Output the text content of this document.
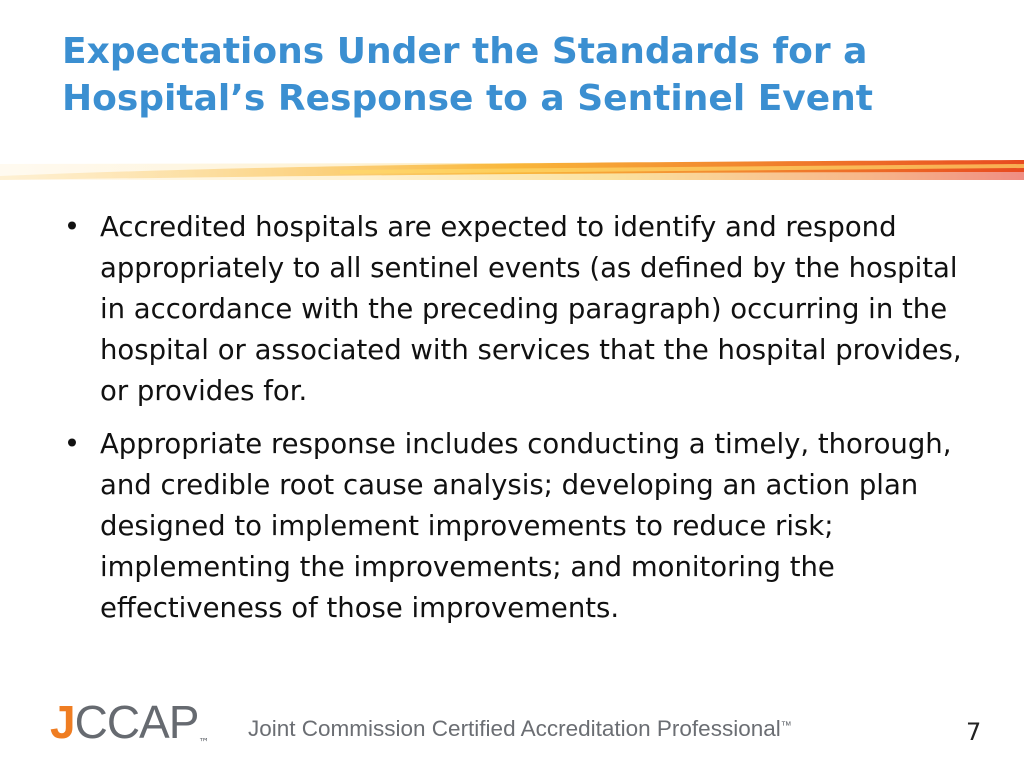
Expectations Under the Standards for a
Hospital’s Response to a Sentinel Event
• Accredited hospitals are expected to identify and respond appropriately to all sentinel events (as defined by the hospital in accordance with the preceding paragraph) occurring in the hospital or associated with services that the hospital provides, or provides for.
• Appropriate response includes conducting a timely, thorough, and credible root cause analysis; developing an action plan designed to implement improvements to reduce risk; implementing the improvements; and monitoring the effectiveness of those improvements.
JCCAP ™
Joint Commission Certified Accreditation Professional™	7
